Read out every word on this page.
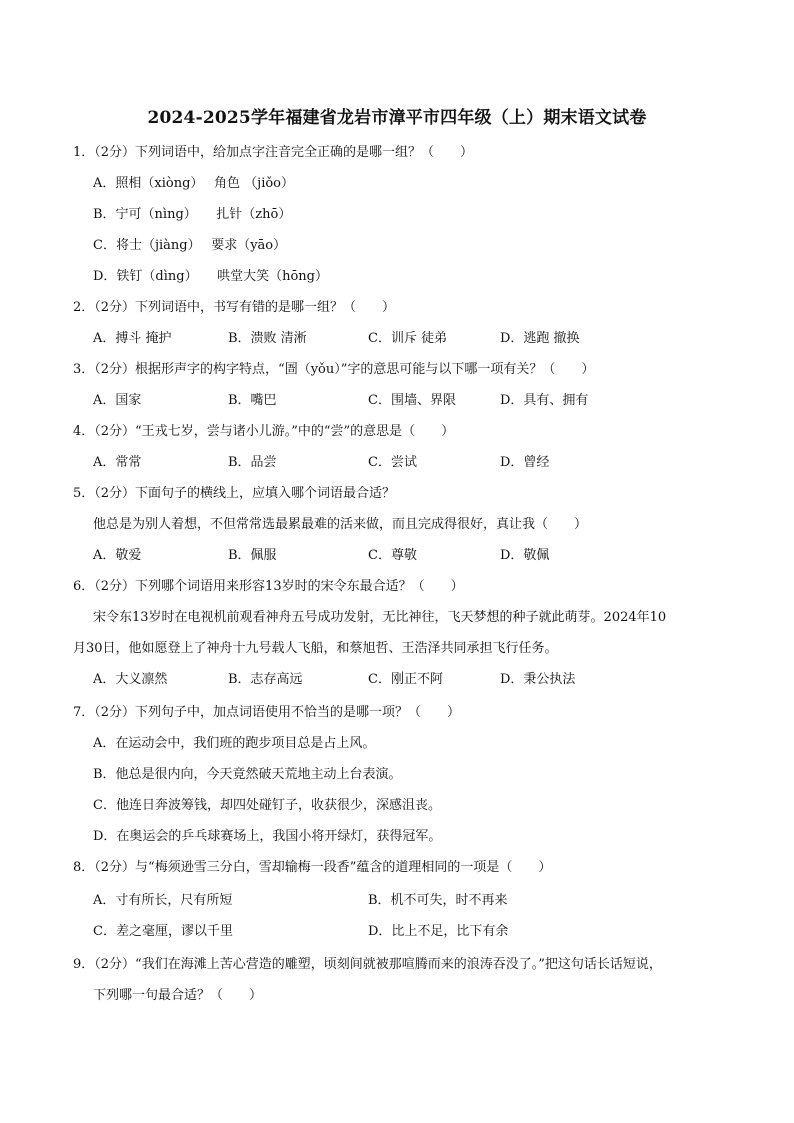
2024-2025学年福建省龙岩市漳平市四年级（上）期末语文试卷
1．（2分）下列词语中，给加点字注音完全正确的是哪一组？（　　）
A．照相（xiòng）　 角色 （jiǒo）
B．宁可（nìng）　　扎针（zhō）
C．将士（jiàng）　 要求（yāo）
D．铁钉（dìng）　　哄堂大笑（hōng）
2．（2分）下列词语中，书写有错的是哪一组？（　　）
A．搏斗 掩护	B．溃败 清淅	C．训斥 徒弟	D．逃跑 撤换
3．（2分）根据形声字的构字特点，“圄（yǒu）”字的意思可能与以下哪一项有关？（　　）
A．国家	B．嘴巴	C．围墙、界限	D．具有、拥有
4．（2分）“王戎七岁，尝与诸小儿游。”中的“尝”的意思是（　　）
A．常常	B．品尝	C．尝试	D．曾经
5．（2分）下面句子的横线上，应填入哪个词语最合适？
他总是为别人着想，不但常常选最累最难的活来做，而且完成得很好，真让我（　　）
A．敬爱	B．佩服	C．尊敬	D．敬佩
6．（2分）下列哪个词语用来形容13岁时的宋令东最合适？（　　）
宋令东13岁时在电视机前观看神舟五号成功发射，无比神往，飞天梦想的种子就此萌芽。2024年10
月30日，他如愿登上了神舟十九号载人飞船，和蔡旭哲、王浩泽共同承担飞行任务。
A．大义凛然	B．志存高远	C．刚正不阿	D．秉公执法
7．（2分）下列句子中，加点词语使用不恰当的是哪一项？（　　）
A．在运动会中，我们班的跑步项目总是占上风。
B．他总是很内向，今天竟然破天荒地主动上台表演。
C．他连日奔波筹钱，却四处碰钉子，收获很少，深感沮丧。
D．在奥运会的乒乓球赛场上，我国小将开绿灯，获得冠军。
8．（2分）与“梅须逊雪三分白，雪却输梅一段香”蕴含的道理相同的一项是（　　）
A．寸有所长，尺有所短	B．机不可失，时不再来
C．差之毫厘，谬以千里	D．比上不足，比下有余
9．（2分）“我们在海滩上苦心营造的雕塑，顷刻间就被那喧腾而来的浪涛吞没了。”把这句话长话短说，
下列哪一句最合适？（　　）
